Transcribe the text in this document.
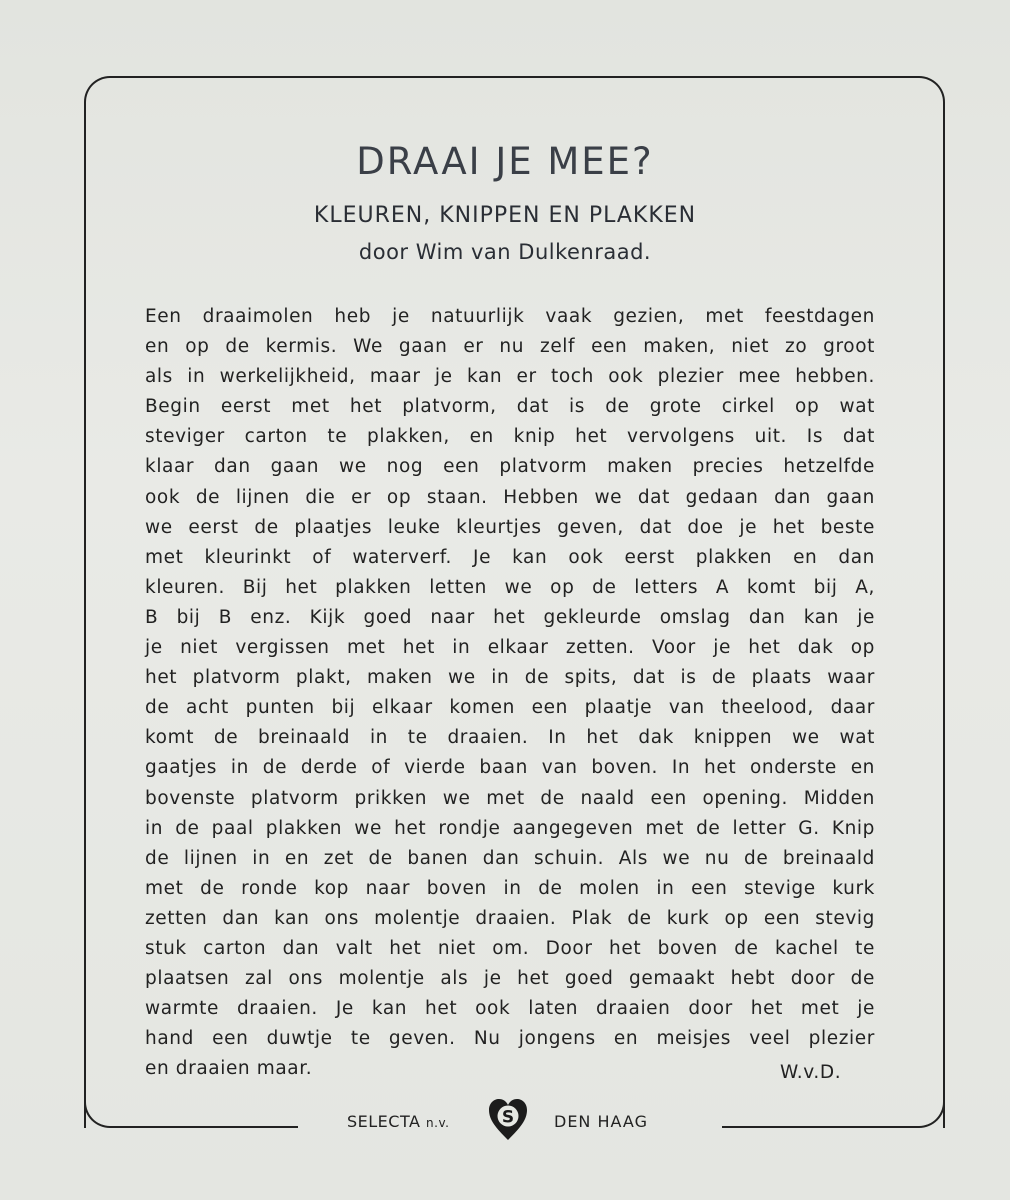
DRAAI JE MEE?
KLEUREN, KNIPPEN EN PLAKKEN
door Wim van Dulkenraad.
Een draaimolen heb je natuurlijk vaak gezien, met feestdagen
en op de kermis. We gaan er nu zelf een maken, niet zo groot
als in werkelijkheid, maar je kan er toch ook plezier mee hebben.
Begin eerst met het platvorm, dat is de grote cirkel op wat
steviger carton te plakken, en knip het vervolgens uit. Is dat
klaar dan gaan we nog een platvorm maken precies hetzelfde
ook de lijnen die er op staan. Hebben we dat gedaan dan gaan
we eerst de plaatjes leuke kleurtjes geven, dat doe je het beste
met kleurinkt of waterverf. Je kan ook eerst plakken en dan
kleuren. Bij het plakken letten we op de letters A komt bij A,
B bij B enz. Kijk goed naar het gekleurde omslag dan kan je
je niet vergissen met het in elkaar zetten. Voor je het dak op
het platvorm plakt, maken we in de spits, dat is de plaats waar
de acht punten bij elkaar komen een plaatje van theelood, daar
komt de breinaald in te draaien. In het dak knippen we wat
gaatjes in de derde of vierde baan van boven. In het onderste en
bovenste platvorm prikken we met de naald een opening. Midden
in de paal plakken we het rondje aangegeven met de letter G. Knip
de lijnen in en zet de banen dan schuin. Als we nu de breinaald
met de ronde kop naar boven in de molen in een stevige kurk
zetten dan kan ons molentje draaien. Plak de kurk op een stevig
stuk carton dan valt het niet om. Door het boven de kachel te
plaatsen zal ons molentje als je het goed gemaakt hebt door de
warmte draaien. Je kan het ook laten draaien door het met je
hand een duwtje te geven. Nu jongens en meisjes veel plezier
en draaien maar.	W.v.D.
SELECTA n.v.	S DEN HAAG
